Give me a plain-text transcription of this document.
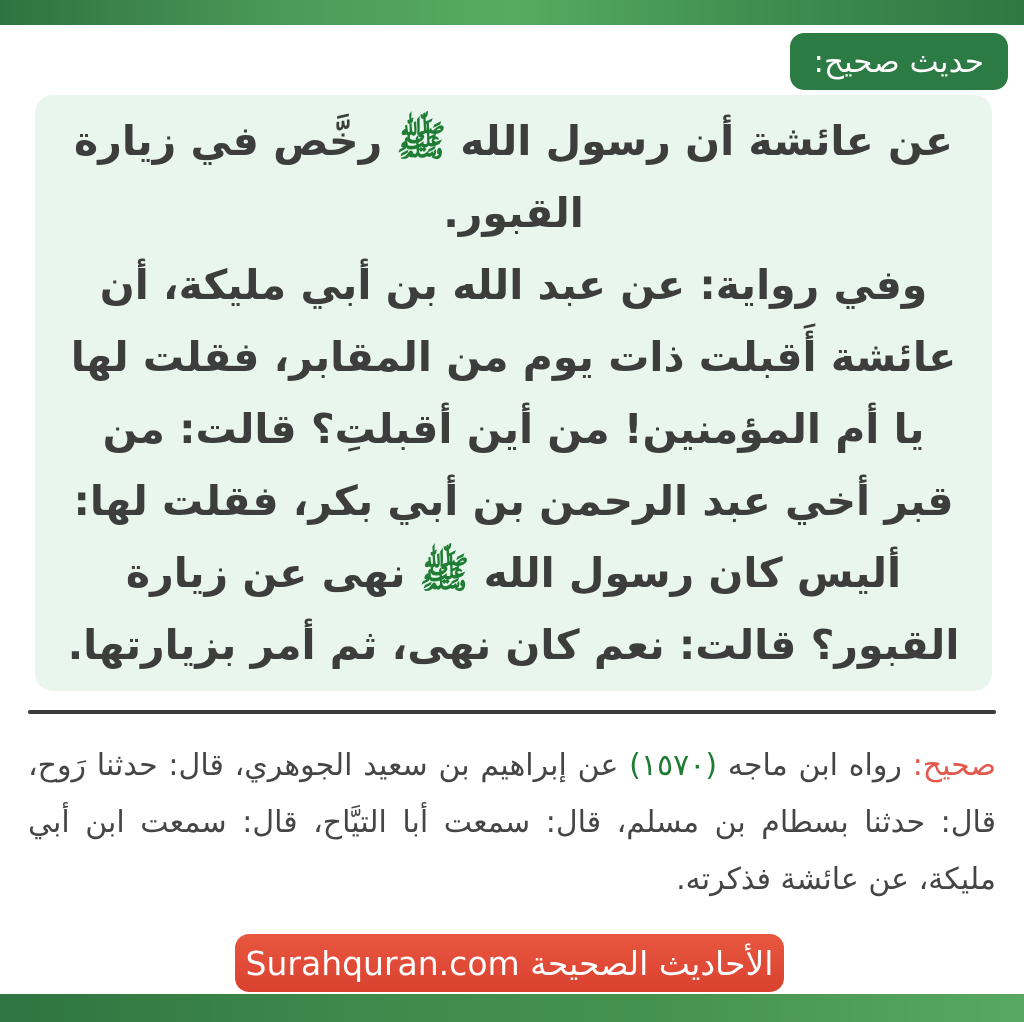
حديث صحيح:
عن عائشة أن رسول الله ﷺ رخَّص في زيارة القبور.
وفي رواية: عن عبد الله بن أبي مليكة، أن عائشة أَقبلت ذات يوم من المقابر، فقلت لها يا أم المؤمنين! من أين أقبلتِ؟ قالت: من قبر أخي عبد الرحمن بن أبي بكر، فقلت لها: أليس كان رسول الله ﷺ نهى عن زيارة القبور؟ قالت: نعم كان نهى، ثم أمر بزيارتها.
صحيح: رواه ابن ماجه (١٥٧٠) عن إبراهيم بن سعيد الجوهري، قال: حدثنا رَوح، قال: حدثنا بسطام بن مسلم، قال: سمعت أبا التيَّاح، قال: سمعت ابن أبي مليكة، عن عائشة فذكرته.
الأحاديث الصحيحة Surahquran.com
